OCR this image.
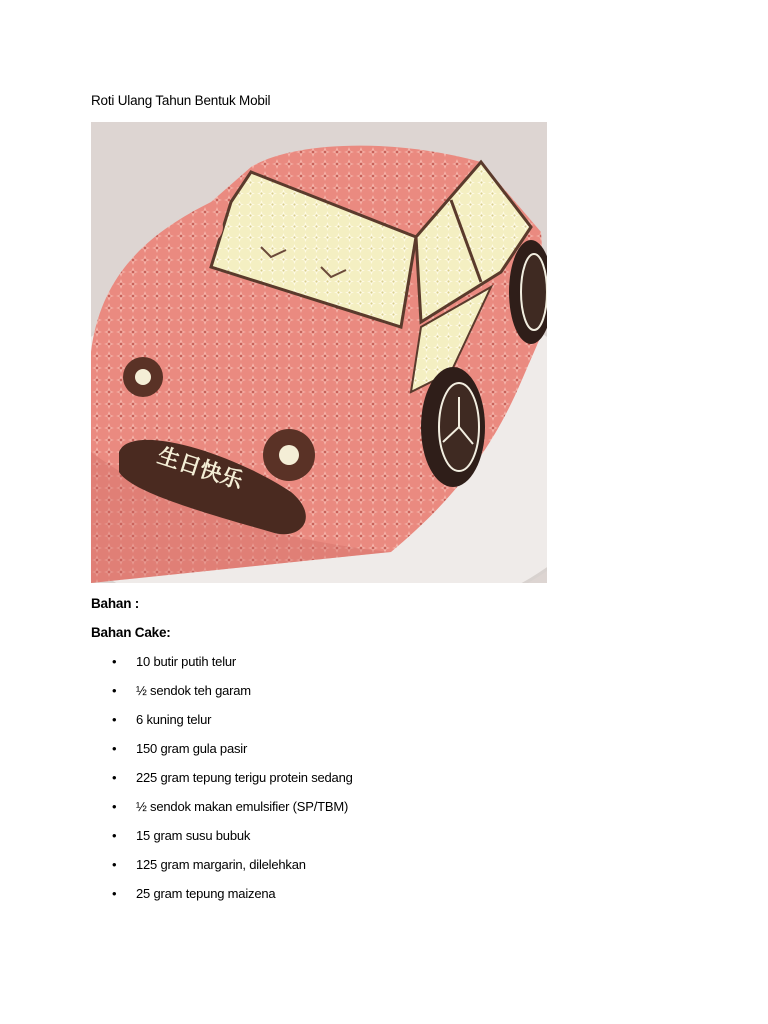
Roti Ulang Tahun Bentuk Mobil
生日快乐
Bahan :
Bahan Cake:
• 10 butir putih telur
• ½ sendok teh garam
• 6 kuning telur
• 150 gram gula pasir
• 225 gram tepung terigu protein sedang
• ½ sendok makan emulsifier (SP/TBM)
• 15 gram susu bubuk
• 125 gram margarin, dilelehkan
• 25 gram tepung maizena
